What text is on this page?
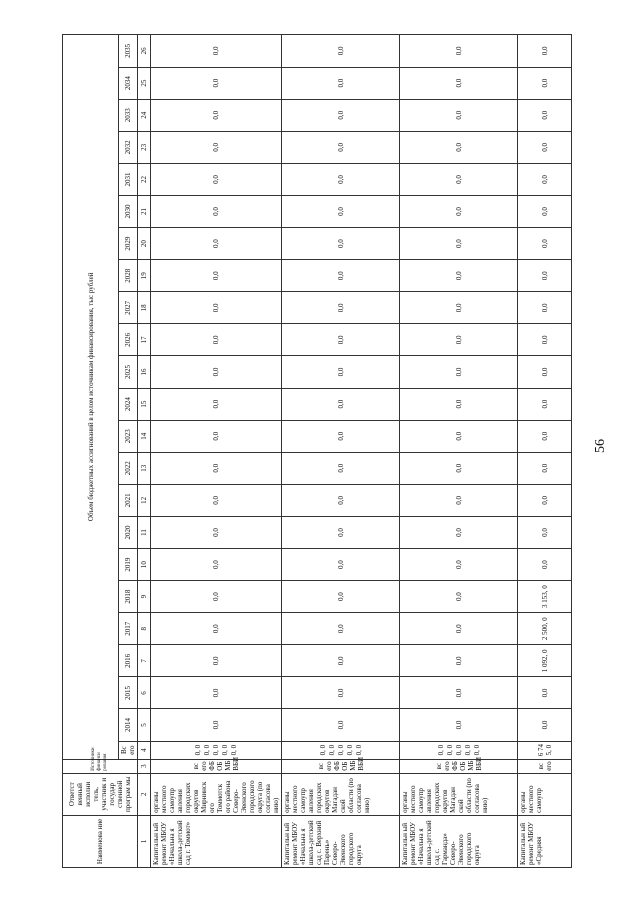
56
Наименова ние	Ответст венный исполни тель, участник и государ ственной програм мы	Источники финанси рования	Объем бюджетных ассигнований в целом источникам финансирования, тыс рублей																						
			Вс его	2014	2015	2016	2017	2018	2019	2020	2021	2022	2023	2024	2025	2026	2027	2028	2029	2030	2031	2032	2033	2034	2035
1	2	3	4	5	6	7	8	9	10	11	12	13	14	15	16	17	18	19	20	21	22	23	24	25	26
Капитальн ый ремонт МБОУ «Начальна я школа-детский сад г. Томмот»	органы местного самоупр авления городских округов Мирнинск ого Томмотск ого района Северо-Эвенского городского округа (по согласова нию)	вс его ФБ ОБ МБ ВБИ	0, 0 0, 0 0, 0 0, 0 0, 0	0,0	0,0	0,0	0,0	0,0	0,0	0,0	0,0	0,0	0,0	0,0	0,0	0,0	0,0	0,0	0,0	0,0	0,0	0,0	0,0	0,0	0,0
Капитальн ый ремонт МБОУ «Начальна я школа-детский сад с. Верхний Парень» Северо-Эвенского городского округа	органы местного самоупр авления городских округов Магадан ской области (по согласова нию)	вс его ФБ ОБ МБ ВБИ	0, 0 0, 0 0, 0 0, 0 0, 0	0,0	0,0	0,0	0,0	0,0	0,0	0,0	0,0	0,0	0,0	0,0	0,0	0,0	0,0	0,0	0,0	0,0	0,0	0,0	0,0	0,0	0,0
Капитальн ый ремонт МБОУ «Начальна я школа-детский сад с. Гарманда» Северо-Эвенского городского округа	органы местного самоупр авления городских округов Магадан ской области (по согласова нию)	вс его ФБ ОБ МБ ВБИ	0, 0 0, 0 0, 0 0, 0 0, 0	0,0	0,0	0,0	0,0	0,0	0,0	0,0	0,0	0,0	0,0	0,0	0,0	0,0	0,0	0,0	0,0	0,0	0,0	0,0	0,0	0,0	0,0
Капитальн ый ремонт МБОУ «Средняя	органы местного самоупр	вс его	6 74 5, 0	0,0	0,0	1 092, 0	2 500, 0	3 153, 0	0,0	0,0	0,0	0,0	0,0	0,0	0,0	0,0	0,0	0,0	0,0	0,0	0,0	0,0	0,0	0,0	0,0
